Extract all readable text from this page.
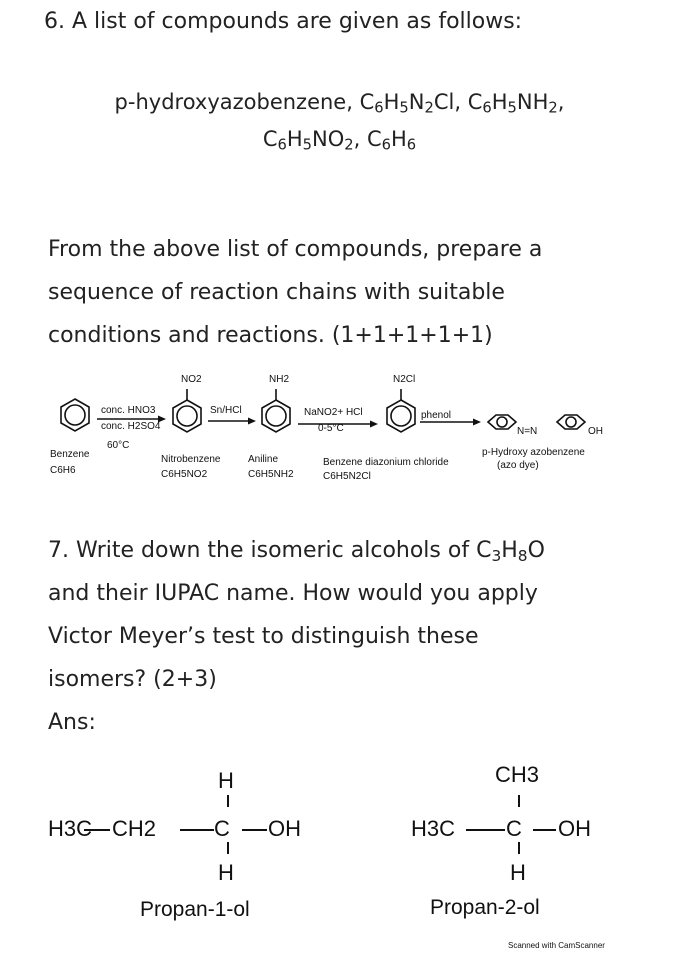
6. A list of compounds are given as follows:
p-hydroxyazobenzene, $C_6H_5N_2Cl$, $C_6H_5NH_2$,
$C_6H_5NO_2$, $C_6H_6$
From the above list of compounds, prepare a
sequence of reaction chains with suitable
conditions and reactions. (1+1+1+1+1)
NO2	NH2	N2Cl
conc. HNO3
conc. H2SO4
60°C
Sn/HCl	NaNO2+ HCl
0-5°C
phenol
N=N	OH
Benzene
C6H6
Nitrobenzene
C6H5NO2
Aniline
C6H5NH2
Benzene diazonium chloride
C6H5N2Cl
p-Hydroxy azobenzene
(azo dye)
7. Write down the isomeric alcohols of $C_3H_8O$
and their IUPAC name. How would you apply
Victor Meyer’s test to distinguish these
isomers? (2+3)
Ans:
H
H3C CH2	C OH
H
Propan-1-ol
CH3
H3C C OH
H
Propan-2-ol
Scanned with CamScanner
